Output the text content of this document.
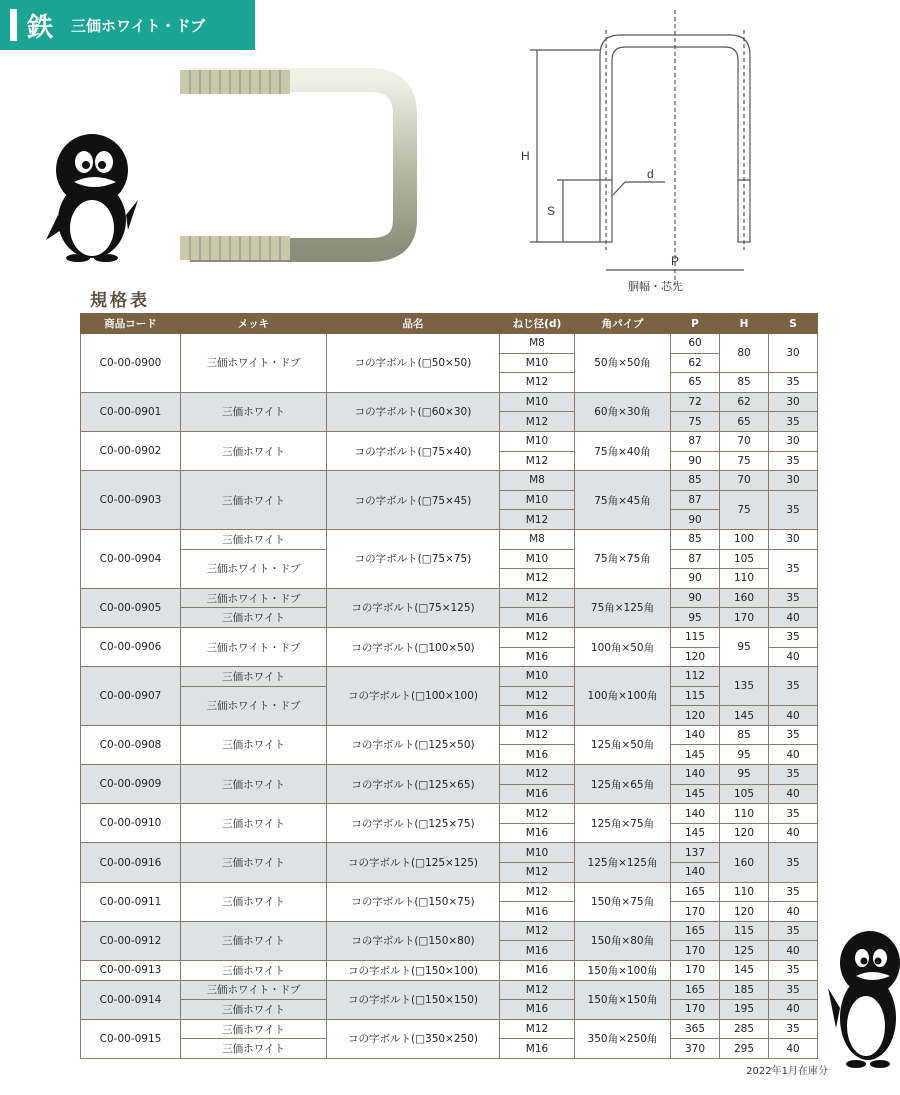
鉄 三価ホワイト・ドブ
H
S
d
P
胴幅・芯先
規格表
商品コード	メッキ	品名	ねじ径(d)	角パイプ	P	H	S
C0-00-0900	三価ホワイト・ドブ	コの字ボルト(□50×50)	M8	50角×50角	60	80	30
			M10		62		
			M12		65	85	35
C0-00-0901	三価ホワイト	コの字ボルト(□60×30)	M10	60角×30角	72	62	30
			M12		75	65	35
C0-00-0902	三価ホワイト	コの字ボルト(□75×40)	M10	75角×40角	87	70	30
			M12		90	75	35
C0-00-0903	三価ホワイト	コの字ボルト(□75×45)	M8	75角×45角	85	70	30
			M10		87	75	35
			M12		90		
C0-00-0904	三価ホワイト	コの字ボルト(□75×75)	M8	75角×75角	85	100	30
	三価ホワイト・ドブ		M10		87	105	35
			M12		90	110	
C0-00-0905	三価ホワイト・ドブ	コの字ボルト(□75×125)	M12	75角×125角	90	160	35
	三価ホワイト		M16		95	170	40
C0-00-0906	三価ホワイト・ドブ	コの字ボルト(□100×50)	M12	100角×50角	115	95	35
			M16		120		40
C0-00-0907	三価ホワイト	コの字ボルト(□100×100)	M10	100角×100角	112	135	35
	三価ホワイト・ドブ		M12		115		
			M16		120	145	40
C0-00-0908	三価ホワイト	コの字ボルト(□125×50)	M12	125角×50角	140	85	35
			M16		145	95	40
C0-00-0909	三価ホワイト	コの字ボルト(□125×65)	M12	125角×65角	140	95	35
			M16		145	105	40
C0-00-0910	三価ホワイト	コの字ボルト(□125×75)	M12	125角×75角	140	110	35
			M16		145	120	40
C0-00-0916	三価ホワイト	コの字ボルト(□125×125)	M10	125角×125角	137	160	35
			M12		140		
C0-00-0911	三価ホワイト	コの字ボルト(□150×75)	M12	150角×75角	165	110	35
			M16		170	120	40
C0-00-0912	三価ホワイト	コの字ボルト(□150×80)	M12	150角×80角	165	115	35
			M16		170	125	40
C0-00-0913	三価ホワイト	コの字ボルト(□150×100)	M16	150角×100角	170	145	35
C0-00-0914	三価ホワイト・ドブ	コの字ボルト(□150×150)	M12	150角×150角	165	185	35
	三価ホワイト		M16		170	195	40
C0-00-0915	三価ホワイト	コの字ボルト(□350×250)	M12	350角×250角	365	285	35
	三価ホワイト		M16		370	295	40
2022年1月在庫分
